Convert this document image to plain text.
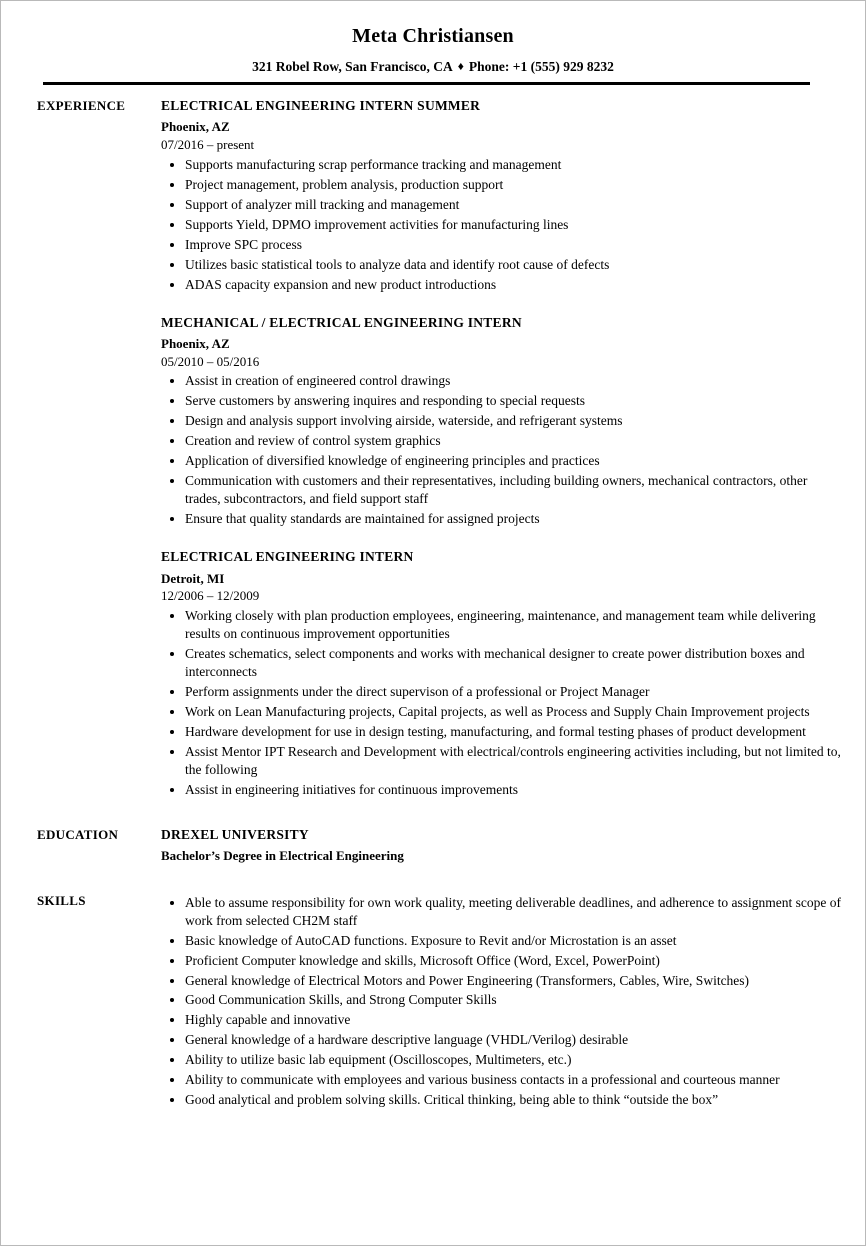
Meta Christiansen
321 Robel Row, San Francisco, CA ♦ Phone: +1 (555) 929 8232
EXPERIENCE	ELECTRICAL ENGINEERING INTERN SUMMER
Phoenix, AZ
07/2016 – present
Supports manufacturing scrap performance tracking and management
Project management, problem analysis, production support
Support of analyzer mill tracking and management
Supports Yield, DPMO improvement activities for manufacturing lines
Improve SPC process
Utilizes basic statistical tools to analyze data and identify root cause of defects
ADAS capacity expansion and new product introductions
MECHANICAL / ELECTRICAL ENGINEERING INTERN
Phoenix, AZ
05/2010 – 05/2016
Assist in creation of engineered control drawings
Serve customers by answering inquires and responding to special requests
Design and analysis support involving airside, waterside, and refrigerant systems
Creation and review of control system graphics
Application of diversified knowledge of engineering principles and practices
Communication with customers and their representatives, including building owners, mechanical contractors, other trades, subcontractors, and field support staff
Ensure that quality standards are maintained for assigned projects
ELECTRICAL ENGINEERING INTERN
Detroit, MI
12/2006 – 12/2009
Working closely with plan production employees, engineering, maintenance, and management team while delivering results on continuous improvement opportunities
Creates schematics, select components and works with mechanical designer to create power distribution boxes and interconnects
Perform assignments under the direct supervison of a professional or Project Manager
Work on Lean Manufacturing projects, Capital projects, as well as Process and Supply Chain Improvement projects
Hardware development for use in design testing, manufacturing, and formal testing phases of product development
Assist Mentor IPT Research and Development with electrical/controls engineering activities including, but not limited to, the following
Assist in engineering initiatives for continuous improvements
EDUCATION	DREXEL UNIVERSITY
Bachelor’s Degree in Electrical Engineering
SKILLS	Able to assume responsibility for own work quality, meeting deliverable deadlines, and adherence to assignment scope of work from selected CH2M staff
Basic knowledge of AutoCAD functions. Exposure to Revit and/or Microstation is an asset
Proficient Computer knowledge and skills, Microsoft Office (Word, Excel, PowerPoint)
General knowledge of Electrical Motors and Power Engineering (Transformers, Cables, Wire, Switches)
Good Communication Skills, and Strong Computer Skills
Highly capable and innovative
General knowledge of a hardware descriptive language (VHDL/Verilog) desirable
Ability to utilize basic lab equipment (Oscilloscopes, Multimeters, etc.)
Ability to communicate with employees and various business contacts in a professional and courteous manner
Good analytical and problem solving skills. Critical thinking, being able to think “outside the box”
